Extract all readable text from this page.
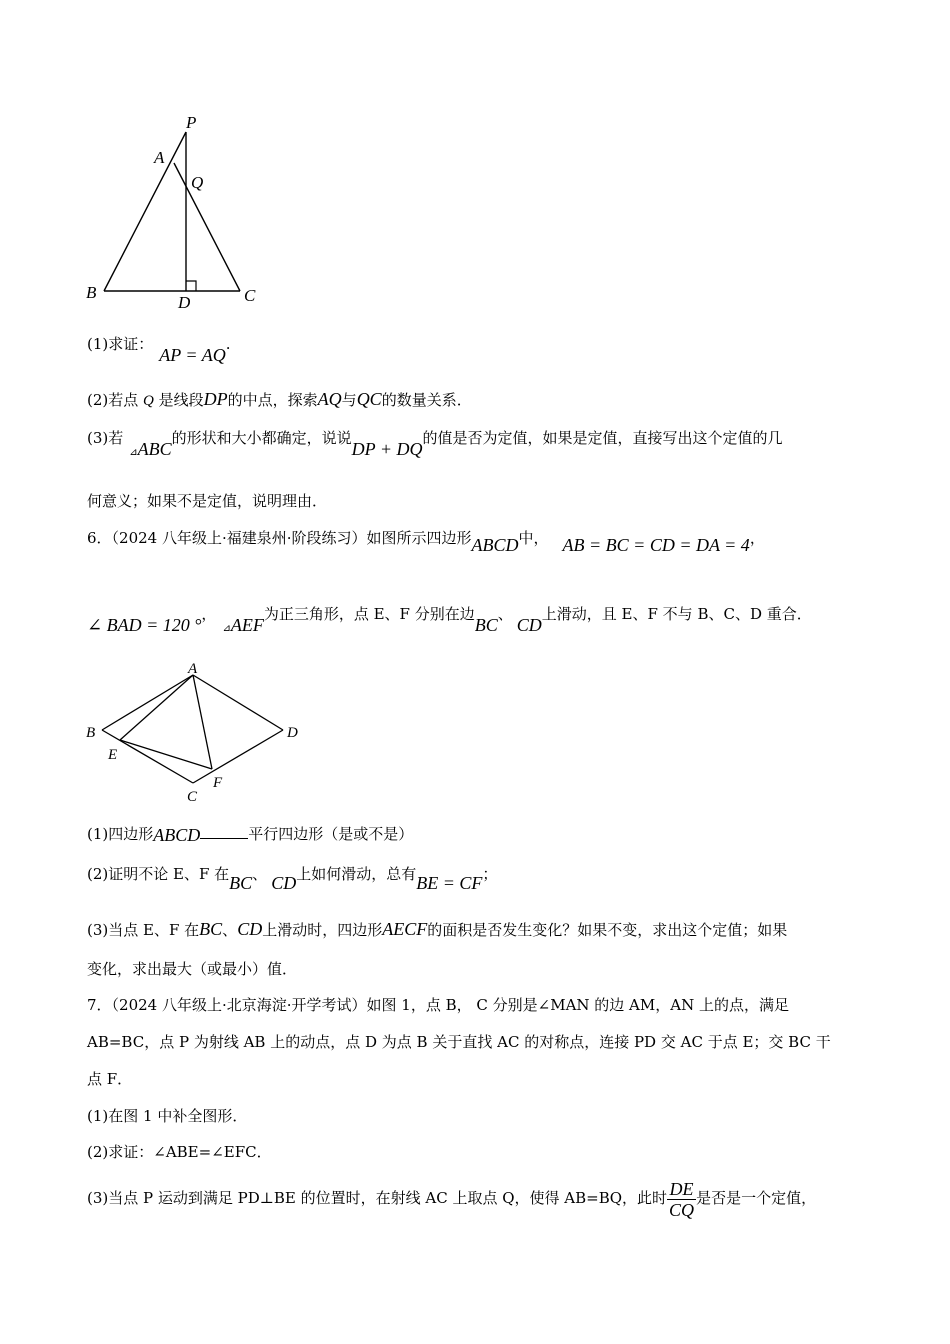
P
A
Q
B
D	C
(1)求证：AP = AQ.
(2)若点 Q 是线段DP的中点，探索AQ与QC的数量关系．
(3)若$_⊿$ABC的形状和大小都确定，说说DP + DQ的值是否为定值，如果是定值，直接写出这个定值的几
何意义；如果不是定值，说明理由．
6．（2024 八年级上·福建泉州·阶段练习）如图所示四边形ABCD中， AB = BC = CD = DA = 4，
∠ BAD = 120 °，$_⊿$AEF为正三角形，点 E、F 分别在边BC、CD上滑动，且 E、F 不与 B、C、D 重合．
A
B	D
E
F
C
(1)四边形ABCD	平行四边形（是或不是）
(2)证明不论 E、F 在BC、 CD上如何滑动，总有BE = CF；
(3)当点 E、F 在BC、CD上滑动时，四边形AECF的面积是否发生变化？如果不变，求出这个定值；如果
变化，求出最大（或最小）值．
7．（2024 八年级上·北京海淀·开学考试）如图 1，点 B， C 分别是∠MAN 的边 AM，AN 上的点，满足
AB=BC，点 P 为射线 AB 上的动点，点 D 为点 B 关于直找 AC 的对称点，连接 PD 交 AC 于点 E；交 BC 干
点 F．
(1)在图 1 中补全图形．
(2)求证：∠ABE=∠EFC．
(3)当点 P 运动到满足 PD⊥BE 的位置时，在射线 AC 上取点 Q，使得 AB=BQ，此时 $\frac{DE}{CQ}$ 是否是一个定值，
